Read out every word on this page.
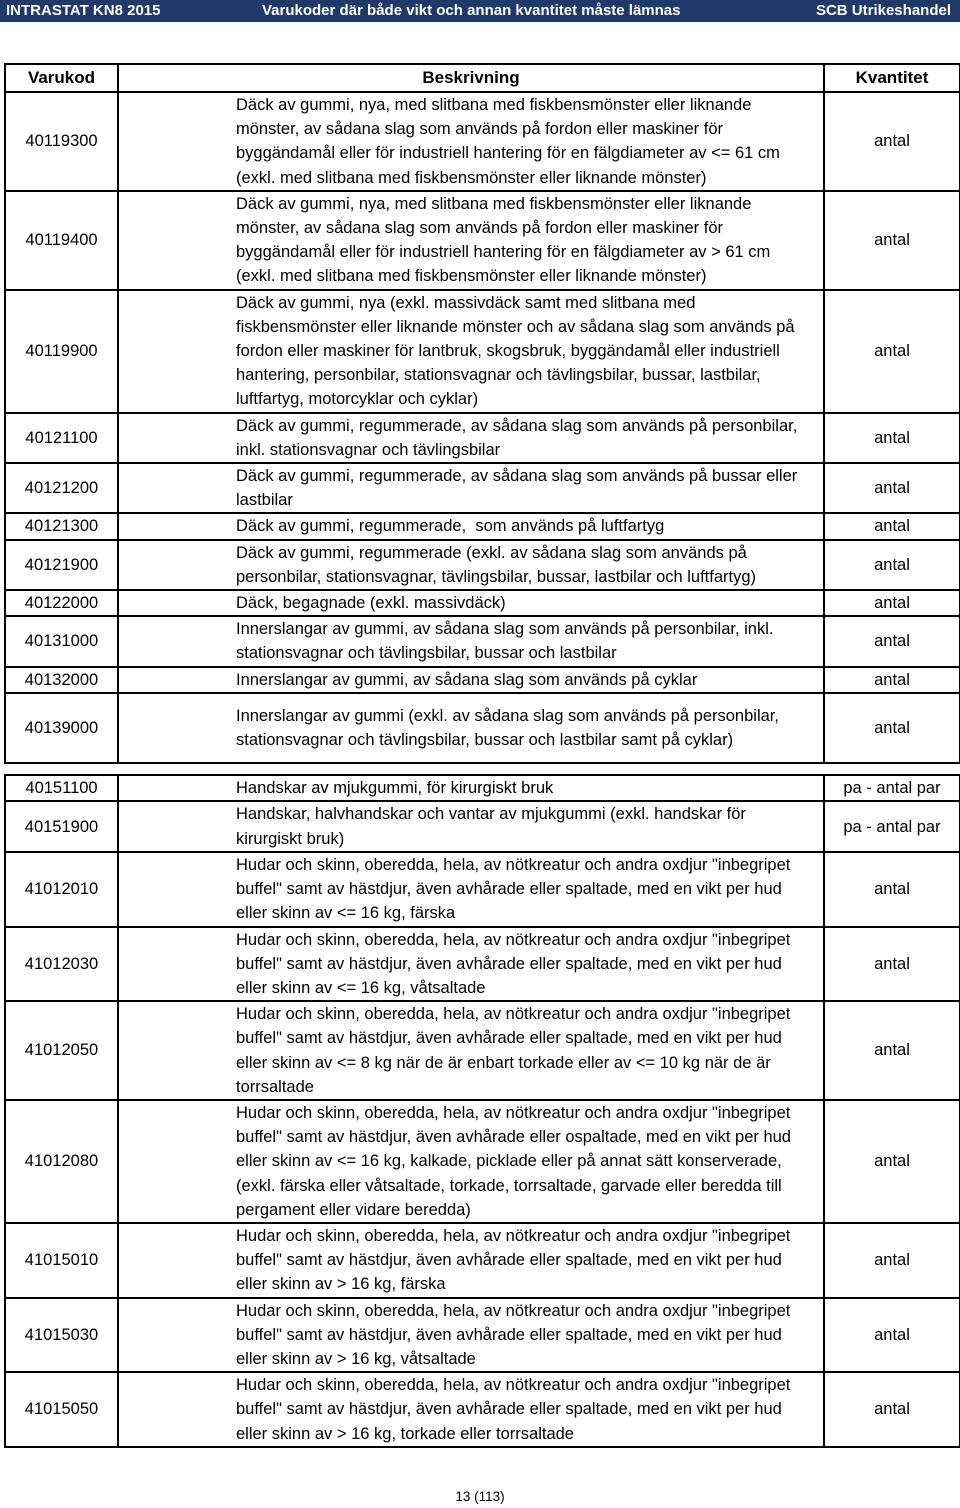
INTRASTAT KN8 2015	Varukoder där både vikt och annan kvantitet måste lämnas	SCB Utrikeshandel
Varukod	Beskrivning	Kvantitet
40119300	Däck av gummi, nya, med slitbana med fiskbensmönster eller liknande
mönster, av sådana slag som används på fordon eller maskiner för
byggändamål eller för industriell hantering för en fälgdiameter av <= 61 cm
(exkl. med slitbana med fiskbensmönster eller liknande mönster)	antal
40119400	Däck av gummi, nya, med slitbana med fiskbensmönster eller liknande
mönster, av sådana slag som används på fordon eller maskiner för
byggändamål eller för industriell hantering för en fälgdiameter av > 61 cm
(exkl. med slitbana med fiskbensmönster eller liknande mönster)	antal
40119900	Däck av gummi, nya (exkl. massivdäck samt med slitbana med
fiskbensmönster eller liknande mönster och av sådana slag som används på
fordon eller maskiner för lantbruk, skogsbruk, byggändamål eller industriell
hantering, personbilar, stationsvagnar och tävlingsbilar, bussar, lastbilar,
luftfartyg, motorcyklar och cyklar)	antal
40121100	Däck av gummi, regummerade, av sådana slag som används på personbilar,
inkl. stationsvagnar och tävlingsbilar	antal
40121200	Däck av gummi, regummerade, av sådana slag som används på bussar eller
lastbilar	antal
40121300	Däck av gummi, regummerade,  som används på luftfartyg	antal
40121900	Däck av gummi, regummerade (exkl. av sådana slag som används på
personbilar, stationsvagnar, tävlingsbilar, bussar, lastbilar och luftfartyg)	antal
40122000	Däck, begagnade (exkl. massivdäck)	antal
40131000	Innerslangar av gummi, av sådana slag som används på personbilar, inkl.
stationsvagnar och tävlingsbilar, bussar och lastbilar	antal
40132000	Innerslangar av gummi, av sådana slag som används på cyklar	antal
40139000	Innerslangar av gummi (exkl. av sådana slag som används på personbilar,
stationsvagnar och tävlingsbilar, bussar och lastbilar samt på cyklar)	antal

40151100	Handskar av mjukgummi, för kirurgiskt bruk	pa - antal par
40151900	Handskar, halvhandskar och vantar av mjukgummi (exkl. handskar för
kirurgiskt bruk)	pa - antal par
41012010	Hudar och skinn, oberedda, hela, av nötkreatur och andra oxdjur "inbegripet
buffel" samt av hästdjur, även avhårade eller spaltade, med en vikt per hud
eller skinn av <= 16 kg, färska	antal
41012030	Hudar och skinn, oberedda, hela, av nötkreatur och andra oxdjur "inbegripet
buffel" samt av hästdjur, även avhårade eller spaltade, med en vikt per hud
eller skinn av <= 16 kg, våtsaltade	antal
41012050	Hudar och skinn, oberedda, hela, av nötkreatur och andra oxdjur "inbegripet
buffel" samt av hästdjur, även avhårade eller spaltade, med en vikt per hud
eller skinn av <= 8 kg när de är enbart torkade eller av <= 10 kg när de är
torrsaltade	antal
41012080	Hudar och skinn, oberedda, hela, av nötkreatur och andra oxdjur "inbegripet
buffel" samt av hästdjur, även avhårade eller ospaltade, med en vikt per hud
eller skinn av <= 16 kg, kalkade, picklade eller på annat sätt konserverade,
(exkl. färska eller våtsaltade, torkade, torrsaltade, garvade eller beredda till
pergament eller vidare beredda)	antal
41015010	Hudar och skinn, oberedda, hela, av nötkreatur och andra oxdjur "inbegripet
buffel" samt av hästdjur, även avhårade eller spaltade, med en vikt per hud
eller skinn av > 16 kg, färska	antal
41015030	Hudar och skinn, oberedda, hela, av nötkreatur och andra oxdjur "inbegripet
buffel" samt av hästdjur, även avhårade eller spaltade, med en vikt per hud
eller skinn av > 16 kg, våtsaltade	antal
41015050	Hudar och skinn, oberedda, hela, av nötkreatur och andra oxdjur "inbegripet
buffel" samt av hästdjur, även avhårade eller spaltade, med en vikt per hud
eller skinn av > 16 kg, torkade eller torrsaltade	antal
13 (113)
